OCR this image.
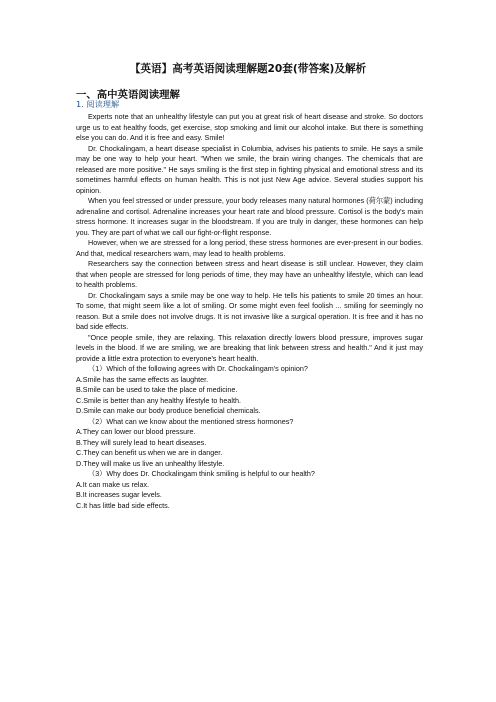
【英语】高考英语阅读理解题20套(带答案)及解析
一、高中英语阅读理解
1. 阅读理解

Experts note that an unhealthy lifestyle can put you at great risk of heart disease and stroke. So doctors urge us to eat healthy foods, get exercise, stop smoking and limit our alcohol intake. But there is something else you can do. And it is free and easy. Smile!

Dr. Chockalingam, a heart disease specialist in Columbia, advises his patients to smile. He says a smile may be one way to help your heart. "When we smile, the brain wiring changes. The chemicals that are released are more positive." He says smiling is the first step in fighting physical and emotional stress and its sometimes harmful effects on human health. This is not just New Age advice. Several studies support his opinion.

When you feel stressed or under pressure, your body releases many natural hormones (荷尔蒙) including adrenaline and cortisol. Adrenaline increases your heart rate and blood pressure. Cortisol is the body's main stress hormone. It increases sugar in the bloodstream. If you are truly in danger, these hormones can help you. They are part of what we call our fight-or-flight response.

However, when we are stressed for a long period, these stress hormones are ever-present in our bodies. And that, medical researchers warn, may lead to health problems.

Researchers say the connection between stress and heart disease is still unclear. However, they claim that when people are stressed for long periods of time, they may have an unhealthy lifestyle, which can lead to health problems.

Dr. Chockalingam says a smile may be one way to help. He tells his patients to smile 20 times an hour. To some, that might seem like a lot of smiling. Or some might even feel foolish ... smiling for seemingly no reason. But a smile does not involve drugs. It is not invasive like a surgical operation. It is free and it has no bad side effects.

"Once people smile, they are relaxing. This relaxation directly lowers blood pressure, improves sugar levels in the blood. If we are smiling, we are breaking that link between stress and health." And it just may provide a little extra protection to everyone's heart health.

（1）Which of the following agrees with Dr. Chockalingam's opinion?

A.Smile has the same effects as laughter.

B.Smile can be used to take the place of medicine.

C.Smile is better than any healthy lifestyle to health.

D.Smile can make our body produce beneficial chemicals.

（2）What can we know about the mentioned stress hormones?

A.They can lower our blood pressure.

B.They will surely lead to heart diseases.

C.They can benefit us when we are in danger.

D.They will make us live an unhealthy lifestyle.

（3）Why does Dr. Chockalingam think smiling is helpful to our health?

A.It can make us relax.

B.It increases sugar levels.

C.It has little bad side effects.
